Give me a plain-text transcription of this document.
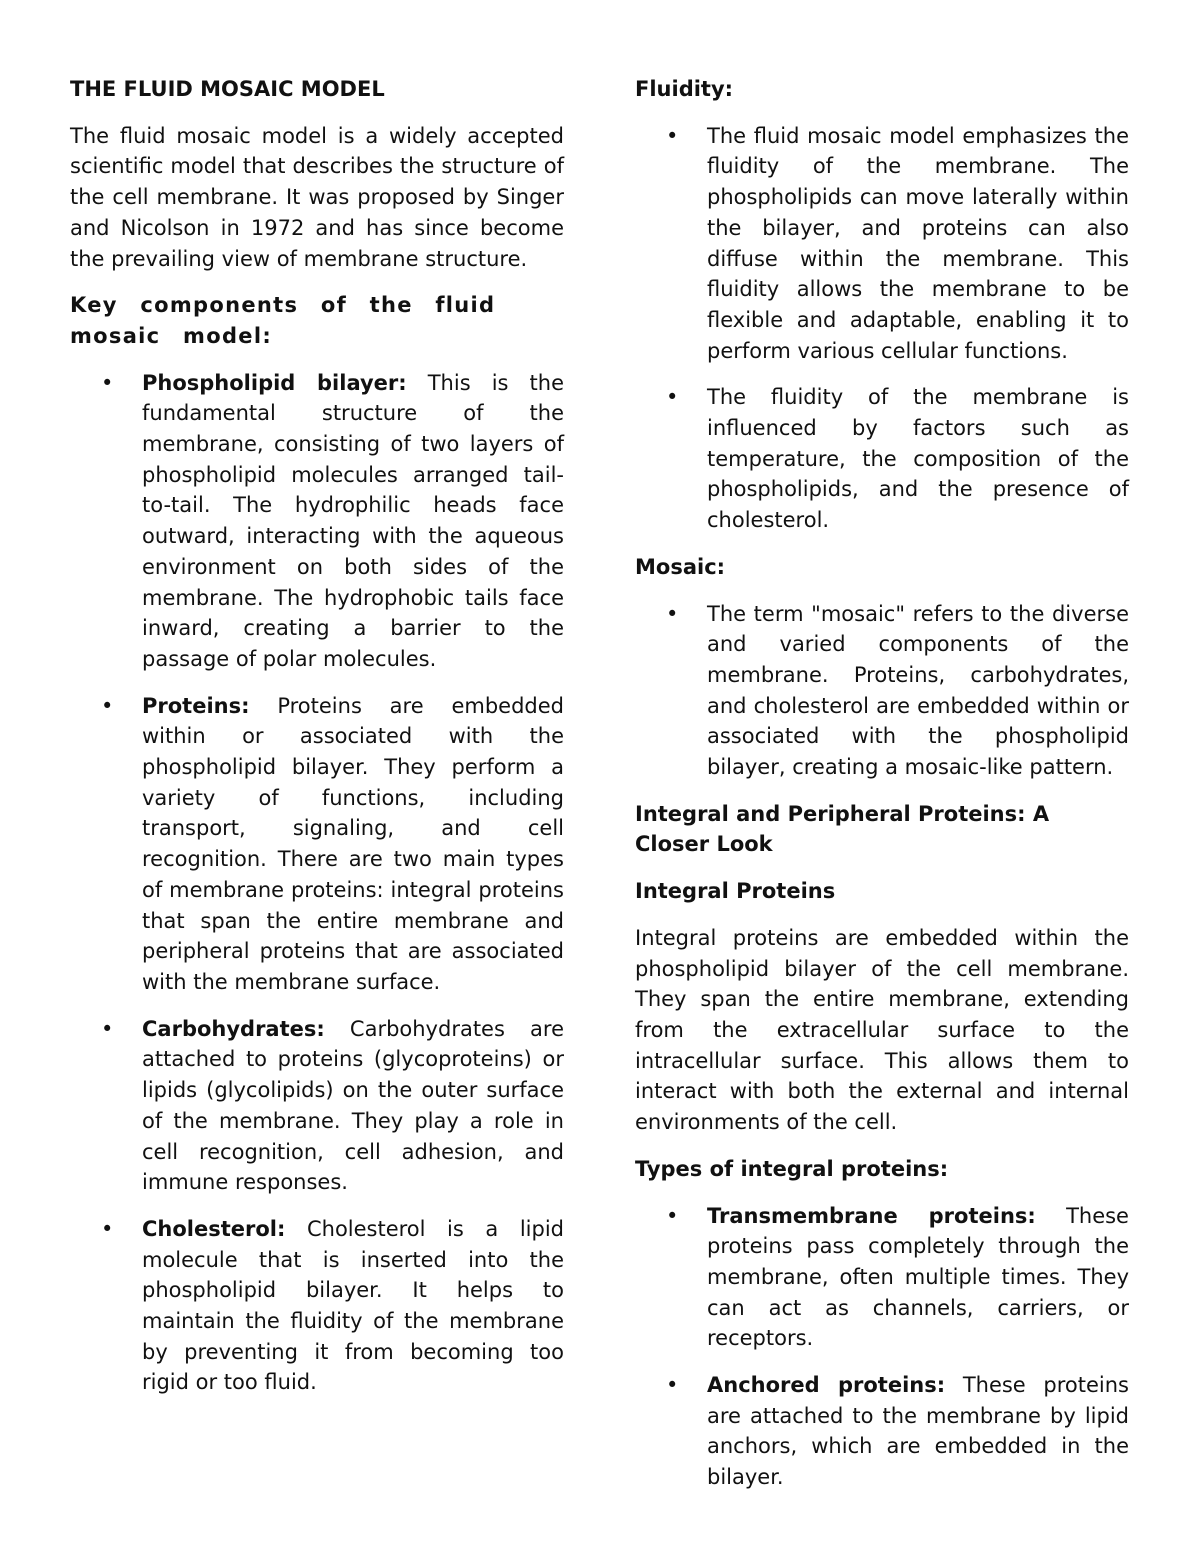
THE FLUID MOSAIC MODEL

The fluid mosaic model is a widely accepted scientific model that describes the structure of the cell membrane. It was proposed by Singer and Nicolson in 1972 and has since become the prevailing view of membrane structure.

Key components of the fluid mosaic model:
• Phospholipid bilayer: This is the fundamental structure of the membrane, consisting of two layers of phospholipid molecules arranged tail-to-tail. The hydrophilic heads face outward, interacting with the aqueous environment on both sides of the membrane. The hydrophobic tails face inward, creating a barrier to the passage of polar molecules.
• Proteins: Proteins are embedded within or associated with the phospholipid bilayer. They perform a variety of functions, including transport, signaling, and cell recognition. There are two main types of membrane proteins: integral proteins that span the entire membrane and peripheral proteins that are associated with the membrane surface.
• Carbohydrates: Carbohydrates are attached to proteins (glycoproteins) or lipids (glycolipids) on the outer surface of the membrane. They play a role in cell recognition, cell adhesion, and immune responses.
• Cholesterol: Cholesterol is a lipid molecule that is inserted into the phospholipid bilayer. It helps to maintain the fluidity of the membrane by preventing it from becoming too rigid or too fluid.
Fluidity:
• The fluid mosaic model emphasizes the fluidity of the membrane. The phospholipids can move laterally within the bilayer, and proteins can also diffuse within the membrane. This fluidity allows the membrane to be flexible and adaptable, enabling it to perform various cellular functions.
• The fluidity of the membrane is influenced by factors such as temperature, the composition of the phospholipids, and the presence of cholesterol.
Mosaic:
• The term "mosaic" refers to the diverse and varied components of the membrane. Proteins, carbohydrates, and cholesterol are embedded within or associated with the phospholipid bilayer, creating a mosaic-like pattern.
Integral and Peripheral Proteins: A Closer Look
Integral Proteins

Integral proteins are embedded within the phospholipid bilayer of the cell membrane. They span the entire membrane, extending from the extracellular surface to the intracellular surface. This allows them to interact with both the external and internal environments of the cell.

Types of integral proteins:
• Transmembrane proteins: These proteins pass completely through the membrane, often multiple times. They can act as channels, carriers, or receptors.
• Anchored proteins: These proteins are attached to the membrane by lipid anchors, which are embedded in the bilayer.
